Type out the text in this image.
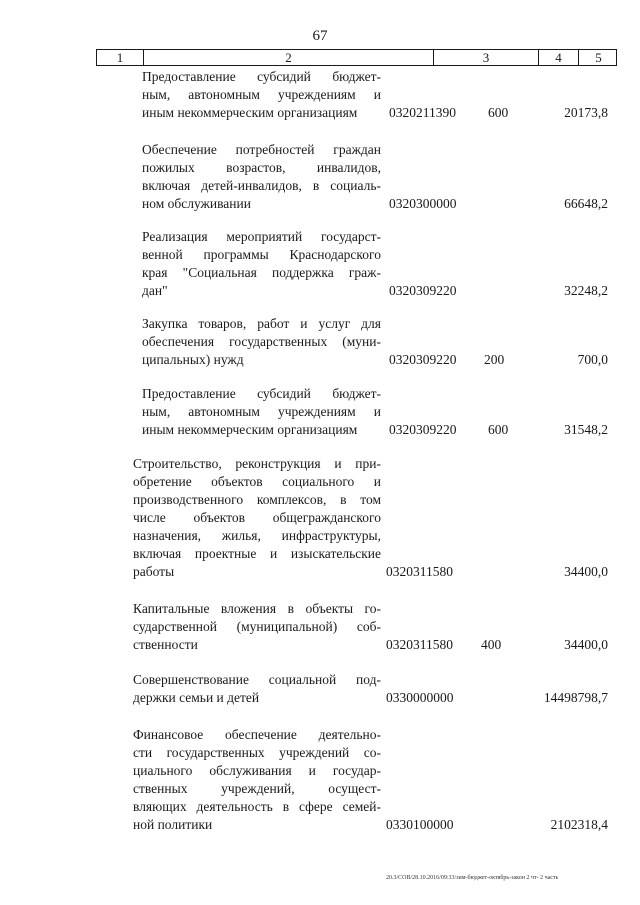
67
1	2	3	4	5
Предоставление субсидий бюджет-
ным, автономным учреждениям и
иным некоммерческим организациям	0320211390 600	20173,8
Обеспечение потребностей граждан
пожилых возрастов, инвалидов,
включая детей-инвалидов, в социаль-
ном обслуживании	0320300000	66648,2
Реализация мероприятий государст-
венной программы Краснодарского
края "Социальная поддержка граж-
дан"	0320309220	32248,2
Закупка товаров, работ и услуг для
обеспечения государственных (муни-
ципальных) нужд	0320309220 200	700,0
Предоставление субсидий бюджет-
ным, автономным учреждениям и
иным некоммерческим организациям	0320309220 600	31548,2
Строительство, реконструкция и при-
обретение объектов социального и
производственного комплексов, в том
числе объектов общегражданского
назначения, жилья, инфраструктуры,
включая проектные и изыскательские
работы	0320311580	34400,0
Капитальные вложения в объекты го-
сударственной (муниципальной) соб-
ственности	0320311580 400	34400,0
Совершенствование социальной под-
держки семьи и детей	0330000000	14498798,7
Финансовое обеспечение деятельно-
сти государственных учреждений со-
циального обслуживания и государ-
ственных учреждений, осущест-
вляющих деятельность в сфере семей-
ной политики	0330100000	2102318,4
20.3/СОВ/28.10.2016/09:33/зим-бюджет-октябрь-закон 2 чт- 2 часть
